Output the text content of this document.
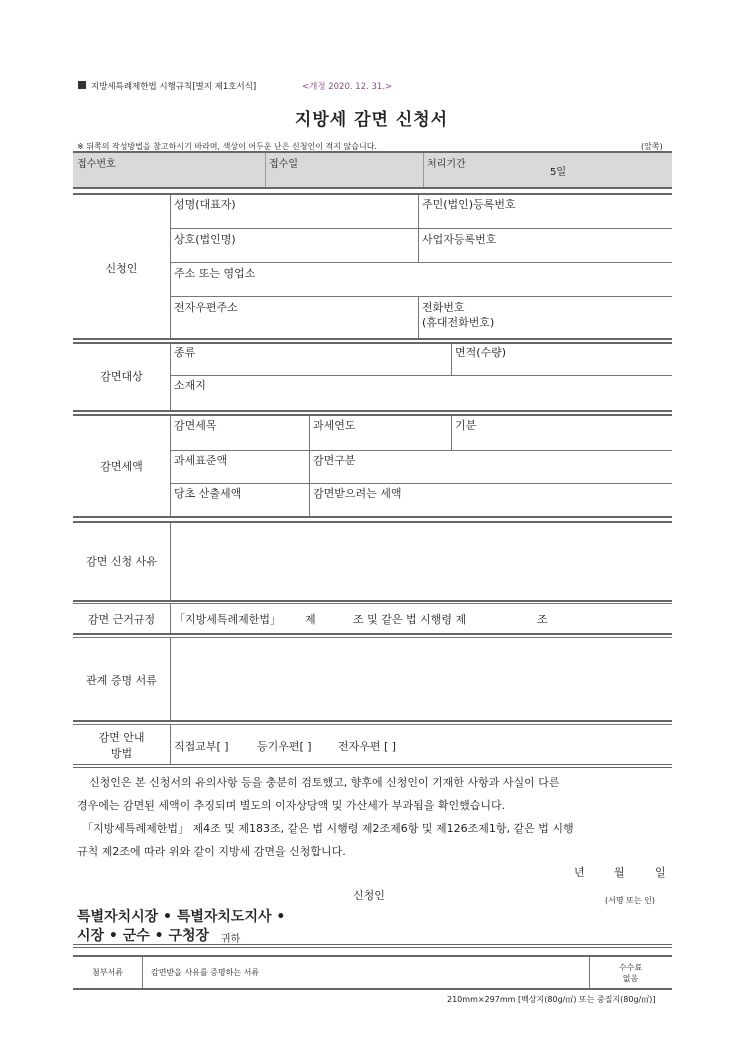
지방세특례제한법 시행규칙[별지 제1호서식]	<개정 2020. 12. 31.>
지방세 감면 신청서
※ 뒤쪽의 작성방법을 참고하시기 바라며, 색상이 어두운 난은 신청인이 적지 않습니다.	(앞쪽)
접수번호	접수일	처리기간
5일
신청인
성명(대표자)	주민(법인)등록번호
상호(법인명)	사업자등록번호
주소 또는 영업소
전자우편주소	전화번호
(휴대전화번호)
감면대상
종류	면적(수량)
소재지
감면세액
감면세목	과세연도	기분
과세표준액	감면구분
당초 산출세액	감면받으려는 세액
감면 신청 사유
감면 근거규정	「지방세특례제한법」 제	조 및 같은 법 시행령 제	조
관계 증명 서류
감면 안내
방법
직접교부[ ]	등기우편[ ] 전자우편 [ ]
신청인은 본 신청서의 유의사항 등을 충분히 검토했고, 향후에 신청인이 기재한 사항과 사실이 다른
경우에는 감면된 세액이 추징되며 별도의 이자상당액 및 가산세가 부과됨을 확인했습니다.
「지방세특례제한법」 제4조 및 제183조, 같은 법 시행령 제2조제6항 및 제126조제1항, 같은 법 시행
규칙 제2조에 따라 위와 같이 지방세 감면을 신청합니다.
년	월	일
신청인	(서명 또는 인)
특별자치시장 • 특별자치도지사 •
시장 • 군수 • 구청장 귀하
첨부서류	감면받을 사유를 증명하는 서류
수수료
없음
210mm×297mm [백상지(80g/㎡) 또는 중질지(80g/㎡)]
